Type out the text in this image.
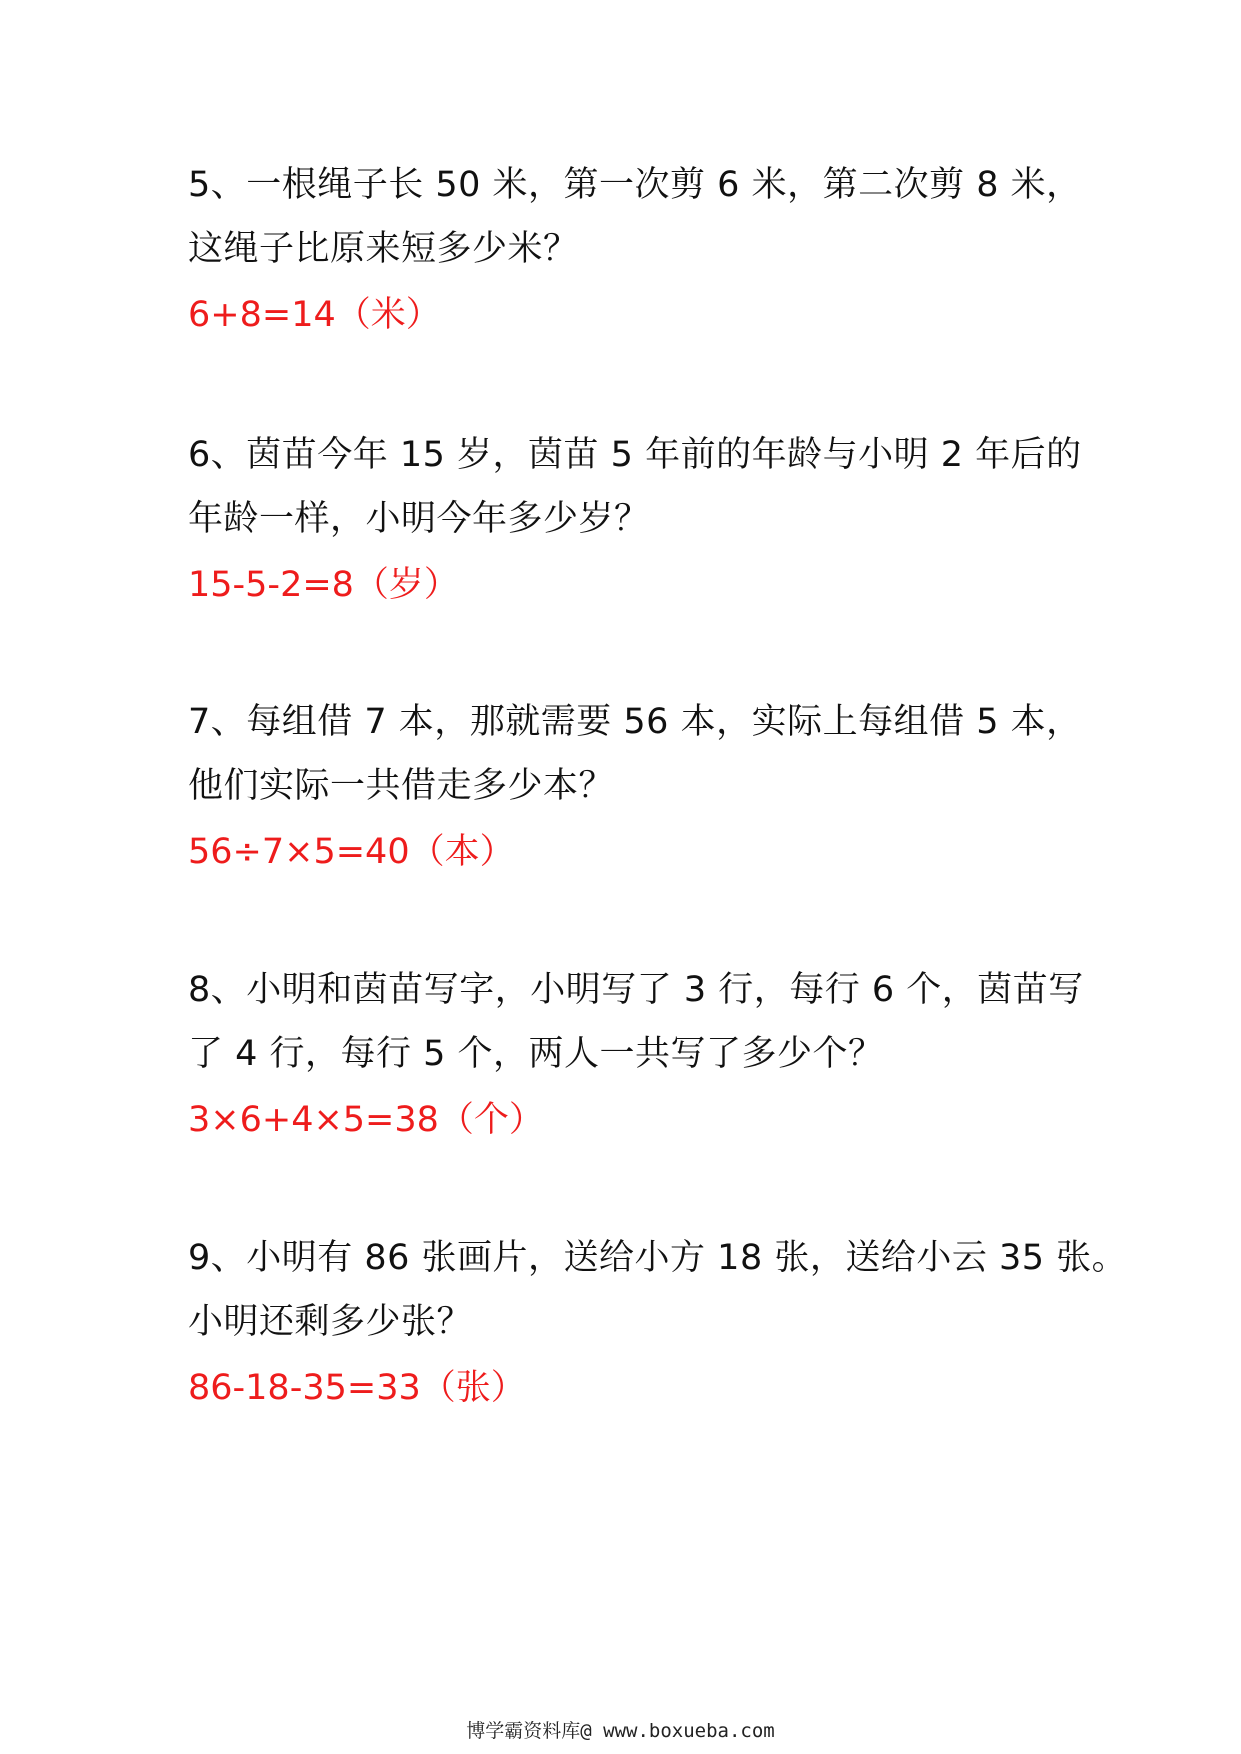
5、一根绳子长 50 米，第一次剪 6 米，第二次剪 8 米，
这绳子比原来短多少米？
6+8=14（米）
6、茵苗今年 15 岁，茵苗 5 年前的年龄与小明 2 年后的
年龄一样，小明今年多少岁？
15-5-2=8（岁）
7、每组借 7 本，那就需要 56 本，实际上每组借 5 本，
他们实际一共借走多少本？
56÷7×5=40（本）
8、小明和茵苗写字，小明写了 3 行，每行 6 个，茵苗写
了 4 行，每行 5 个，两人一共写了多少个？
3×6+4×5=38（个）
9、小明有 86 张画片，送给小方 18 张，送给小云 35 张。
小明还剩多少张？
86-18-35=33（张）
博学霸资料库@ www.boxueba.com
